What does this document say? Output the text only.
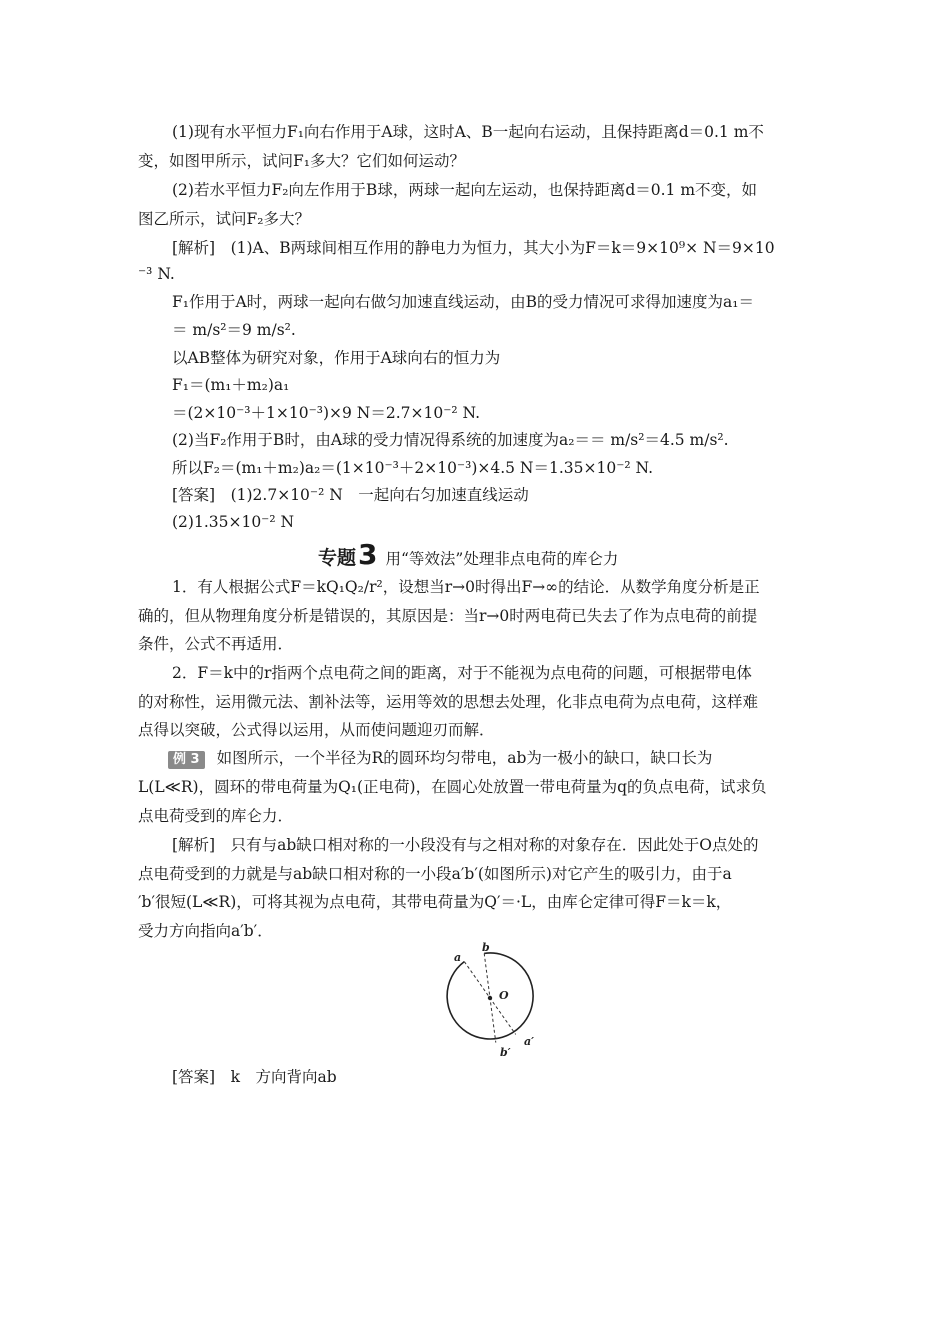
(1)现有水平恒力F₁向右作用于A球，这时A、B一起向右运动，且保持距离d＝0.1 m不
变，如图甲所示，试问F₁多大？它们如何运动？
(2)若水平恒力F₂向左作用于B球，两球一起向左运动，也保持距离d＝0.1 m不变，如
图乙所示，试问F₂多大？
[解析]　(1)A、B两球间相互作用的静电力为恒力，其大小为F＝k＝9×10⁹× N＝9×10
⁻³ N.
F₁作用于A时，两球一起向右做匀加速直线运动，由B的受力情况可求得加速度为a₁＝
＝ m/s²＝9 m/s².
以AB整体为研究对象，作用于A球向右的恒力为
F₁＝(m₁＋m₂)a₁
＝(2×10⁻³＋1×10⁻³)×9 N＝2.7×10⁻² N.
(2)当F₂作用于B时，由A球的受力情况得系统的加速度为a₂＝＝ m/s²＝4.5 m/s².
所以F₂＝(m₁＋m₂)a₂＝(1×10⁻³＋2×10⁻³)×4.5 N＝1.35×10⁻² N.
[答案]　(1)2.7×10⁻² N　一起向右匀加速直线运动
(2)1.35×10⁻² N
专题3 用“等效法”处理非点电荷的库仑力
1．有人根据公式F＝kQ₁Q₂/r²，设想当r→0时得出F→∞的结论．从数学角度分析是正
确的，但从物理角度分析是错误的，其原因是：当r→0时两电荷已失去了作为点电荷的前提
条件，公式不再适用．
2．F＝k中的r指两个点电荷之间的距离，对于不能视为点电荷的问题，可根据带电体
的对称性，运用微元法、割补法等，运用等效的思想去处理，化非点电荷为点电荷，这样难
点得以突破，公式得以运用，从而使问题迎刃而解．
例 3 如图所示，一个半径为R的圆环均匀带电，ab为一极小的缺口，缺口长为
L(L≪R)，圆环的带电荷量为Q₁(正电荷)，在圆心处放置一带电荷量为q的负点电荷，试求负
点电荷受到的库仑力．
[解析]　只有与ab缺口相对称的一小段没有与之相对称的对象存在．因此处于O点处的
点电荷受到的力就是与ab缺口相对称的一小段a′b′(如图所示)对它产生的吸引力，由于a
′b′很短(L≪R)，可将其视为点电荷，其带电荷量为Q′＝·L，由库仑定律可得F＝k＝k，
受力方向指向a′b′．
a
b
O
a′
b′
[答案]　k　方向背向ab
